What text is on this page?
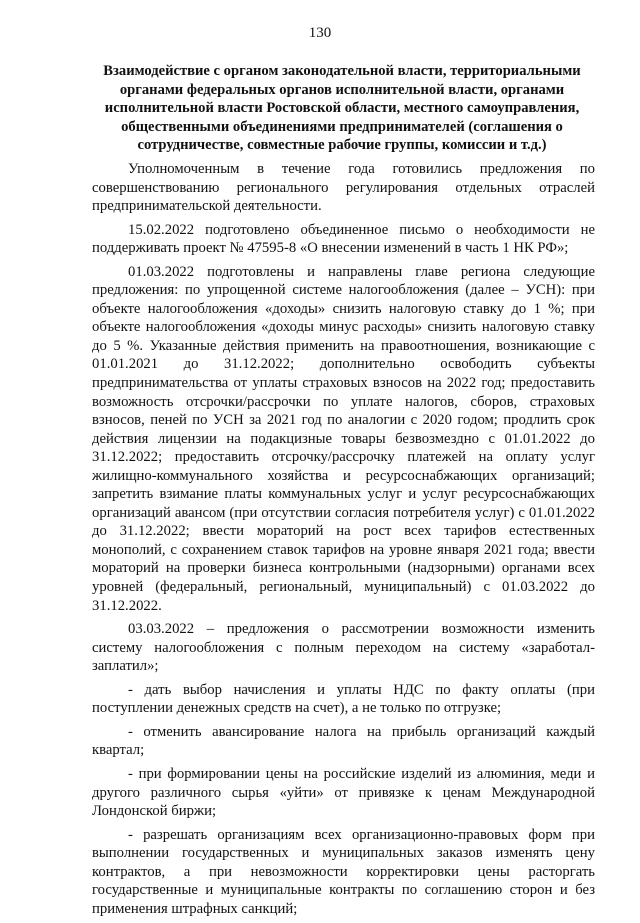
130
Взаимодействие с органом законодательной власти, территориальными органами федеральных органов исполнительной власти, органами исполнительной власти Ростовской области, местного самоуправления, общественными объединениями предпринимателей (соглашения о сотрудничестве, совместные рабочие группы, комиссии и т.д.)

Уполномоченным в течение года готовились предложения по совершенствованию регионального регулирования отдельных отраслей предпринимательской деятельности.

15.02.2022 подготовлено объединенное письмо о необходимости не поддерживать проект № 47595-8 «О внесении изменений в часть 1 НК РФ»;

01.03.2022 подготовлены и направлены главе региона следующие предложения: по упрощенной системе налогообложения (далее – УСН): при объекте налогообложения «доходы» снизить налоговую ставку до 1 %; при объекте налогообложения «доходы минус расходы» снизить налоговую ставку до 5 %. Указанные действия применить на правоотношения, возникающие с 01.01.2021 до 31.12.2022; дополнительно освободить субъекты предпринимательства от уплаты страховых взносов на 2022 год; предоставить возможность отсрочки/рассрочки по уплате налогов, сборов, страховых взносов, пеней по УСН за 2021 год по аналогии с 2020 годом; продлить срок действия лицензии на подакцизные товары безвозмездно с 01.01.2022 до 31.12.2022; предоставить отсрочку/рассрочку платежей на оплату услуг жилищно-коммунального хозяйства и ресурсоснабжающих организаций; запретить взимание платы коммунальных услуг и услуг ресурсоснабжающих организаций авансом (при отсутствии согласия потребителя услуг) с 01.01.2022 до 31.12.2022; ввести мораторий на рост всех тарифов естественных монополий, с сохранением ставок тарифов на уровне января 2021 года; ввести мораторий на проверки бизнеса контрольными (надзорными) органами всех уровней (федеральный, региональный, муниципальный) с 01.03.2022 до 31.12.2022.

03.03.2022 – предложения о рассмотрении возможности изменить систему налогообложения с полным переходом на систему «заработал-заплатил»;

- дать выбор начисления и уплаты НДС по факту оплаты (при поступлении денежных средств на счет), а не только по отгрузке;

- отменить авансирование налога на прибыль организаций каждый квартал;

- при формировании цены на российские изделий из алюминия, меди и другого различного сырья «уйти» от привязке к ценам Международной Лондонской биржи;

- разрешать организациям всех организационно-правовых форм при выполнении государственных и муниципальных заказов изменять цену контрактов, а при невозможности корректировки цены расторгать государственные и муниципальные контракты по соглашению сторон и без применения штрафных санкций;
